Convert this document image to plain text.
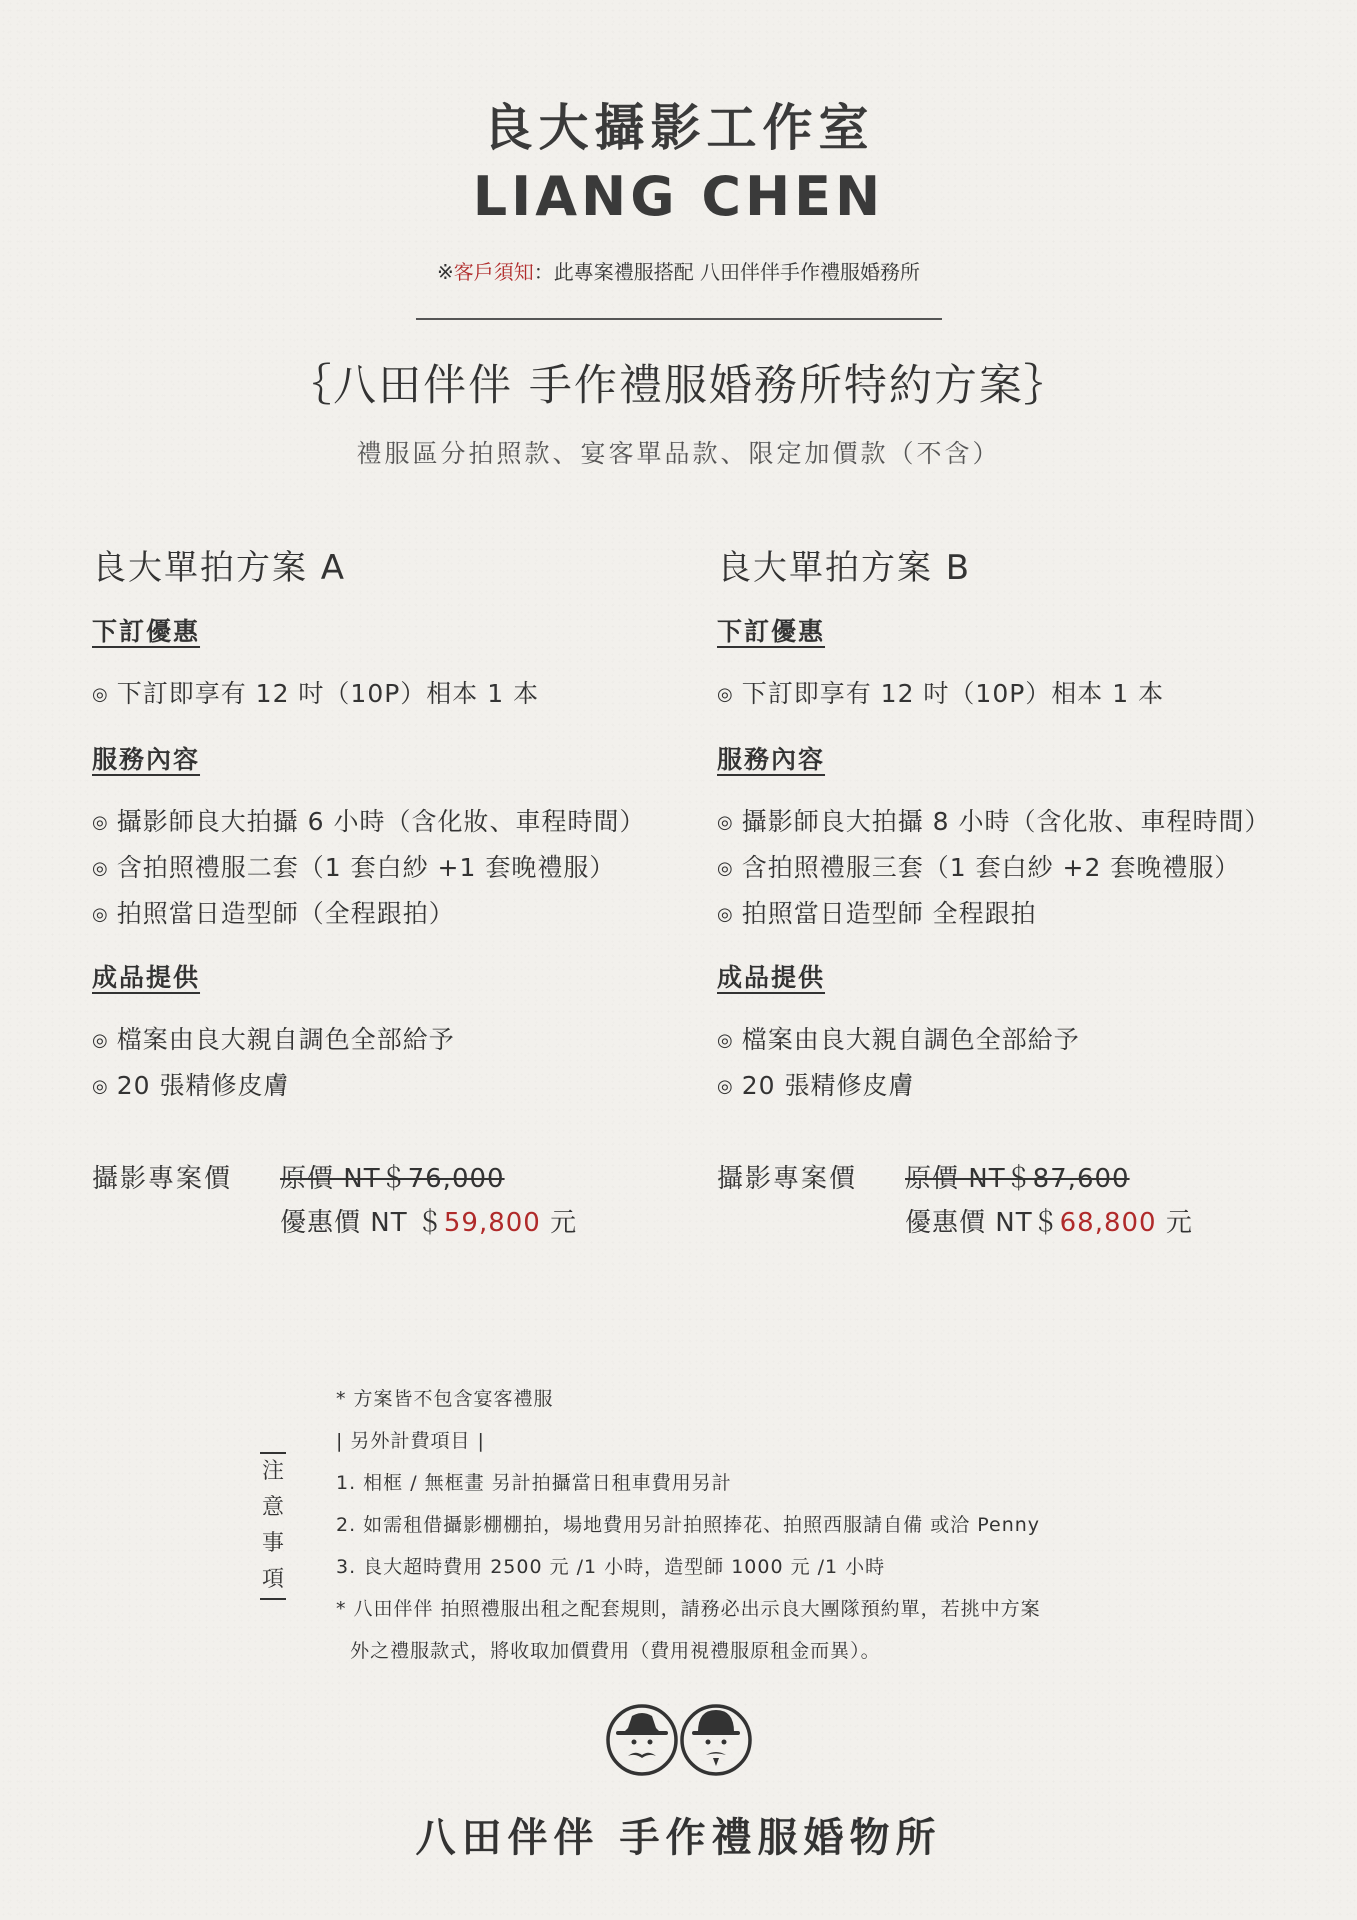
良大攝影工作室
LIANG CHEN
※客戶須知：此專案禮服搭配 八田伴伴手作禮服婚務所
｛八田伴伴 手作禮服婚務所特約方案｝
禮服區分拍照款、宴客單品款、限定加價款（不含）
良大單拍方案 A
下訂優惠
◎ 下訂即享有 12 吋（10P）相本 1 本
服務內容
◎ 攝影師良大拍攝 6 小時（含化妝、車程時間）
◎ 含拍照禮服二套（1 套白紗 +1 套晚禮服）
◎ 拍照當日造型師（全程跟拍）
成品提供
◎ 檔案由良大親自調色全部給予
◎ 20 張精修皮膚
攝影專案價 原價 NT＄76,000
優惠價 NT ＄59,800 元
良大單拍方案 B
下訂優惠
◎ 下訂即享有 12 吋（10P）相本 1 本
服務內容
◎ 攝影師良大拍攝 8 小時（含化妝、車程時間）
◎ 含拍照禮服三套（1 套白紗 +2 套晚禮服）
◎ 拍照當日造型師 全程跟拍
成品提供
◎ 檔案由良大親自調色全部給予
◎ 20 張精修皮膚
攝影專案價 原價 NT＄87,600
優惠價 NT＄68,800 元
注
意
事
項
* 方案皆不包含宴客禮服
| 另外計費項目 |
1. 相框 / 無框畫 另計拍攝當日租車費用另計
2. 如需租借攝影棚棚拍，場地費用另計拍照捧花、拍照西服請自備 或洽 Penny
3. 良大超時費用 2500 元 /1 小時，造型師 1000 元 /1 小時
* 八田伴伴 拍照禮服出租之配套規則，請務必出示良大團隊預約單，若挑中方案
外之禮服款式，將收取加價費用（費用視禮服原租金而異）。
八田伴伴 手作禮服婚物所
